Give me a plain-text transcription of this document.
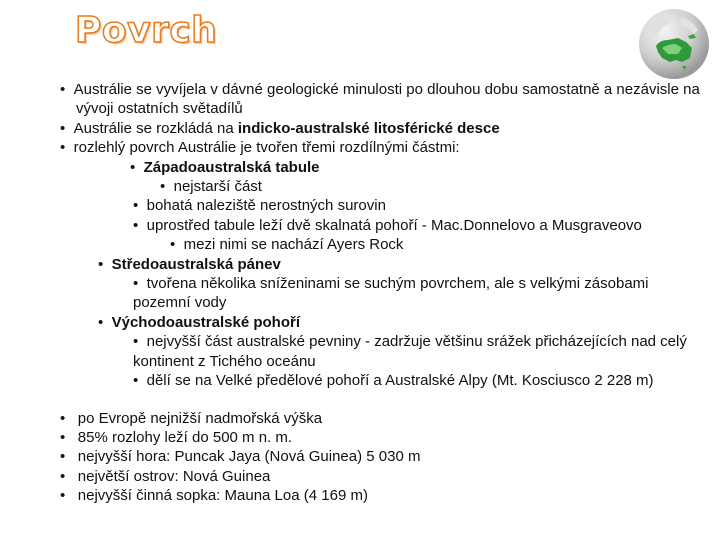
Povrch
• Austrálie se vyvíjela v dávné geologické minulosti po dlouhou dobu samostatně a nezávisle na vývoji ostatních světadílů
• Austrálie se rozkládá na indicko-australské litosférické desce
• rozlehlý povrch Austrálie je tvořen třemi rozdílnými částmi:
• Západoaustralská tabule
• nejstarší část
• bohatá naleziště nerostných surovin
• uprostřed tabule leží dvě skalnatá pohoří - Mac.Donnelovo a Musgraveovo
• mezi nimi se nachází Ayers Rock
• Středoaustralská pánev
• tvořena několika sníženinami se suchým povrchem, ale s velkými zásobami pozemní vody
• Východoaustralské pohoří
• nejvyšší část australské pevniny - zadržuje většinu srážek přicházejících nad celý kontinent z Tichého oceánu
• dělí se na Velké předělové pohoří a Australské Alpy (Mt. Kosciusco 2 228 m)
• po Evropě nejnižší nadmořská výška
• 85% rozlohy leží do 500 m n. m.
• nejvyšší hora: Puncak Jaya (Nová Guinea) 5 030 m
• největší ostrov: Nová Guinea
• nejvyšší činná sopka: Mauna Loa (4 169 m)
